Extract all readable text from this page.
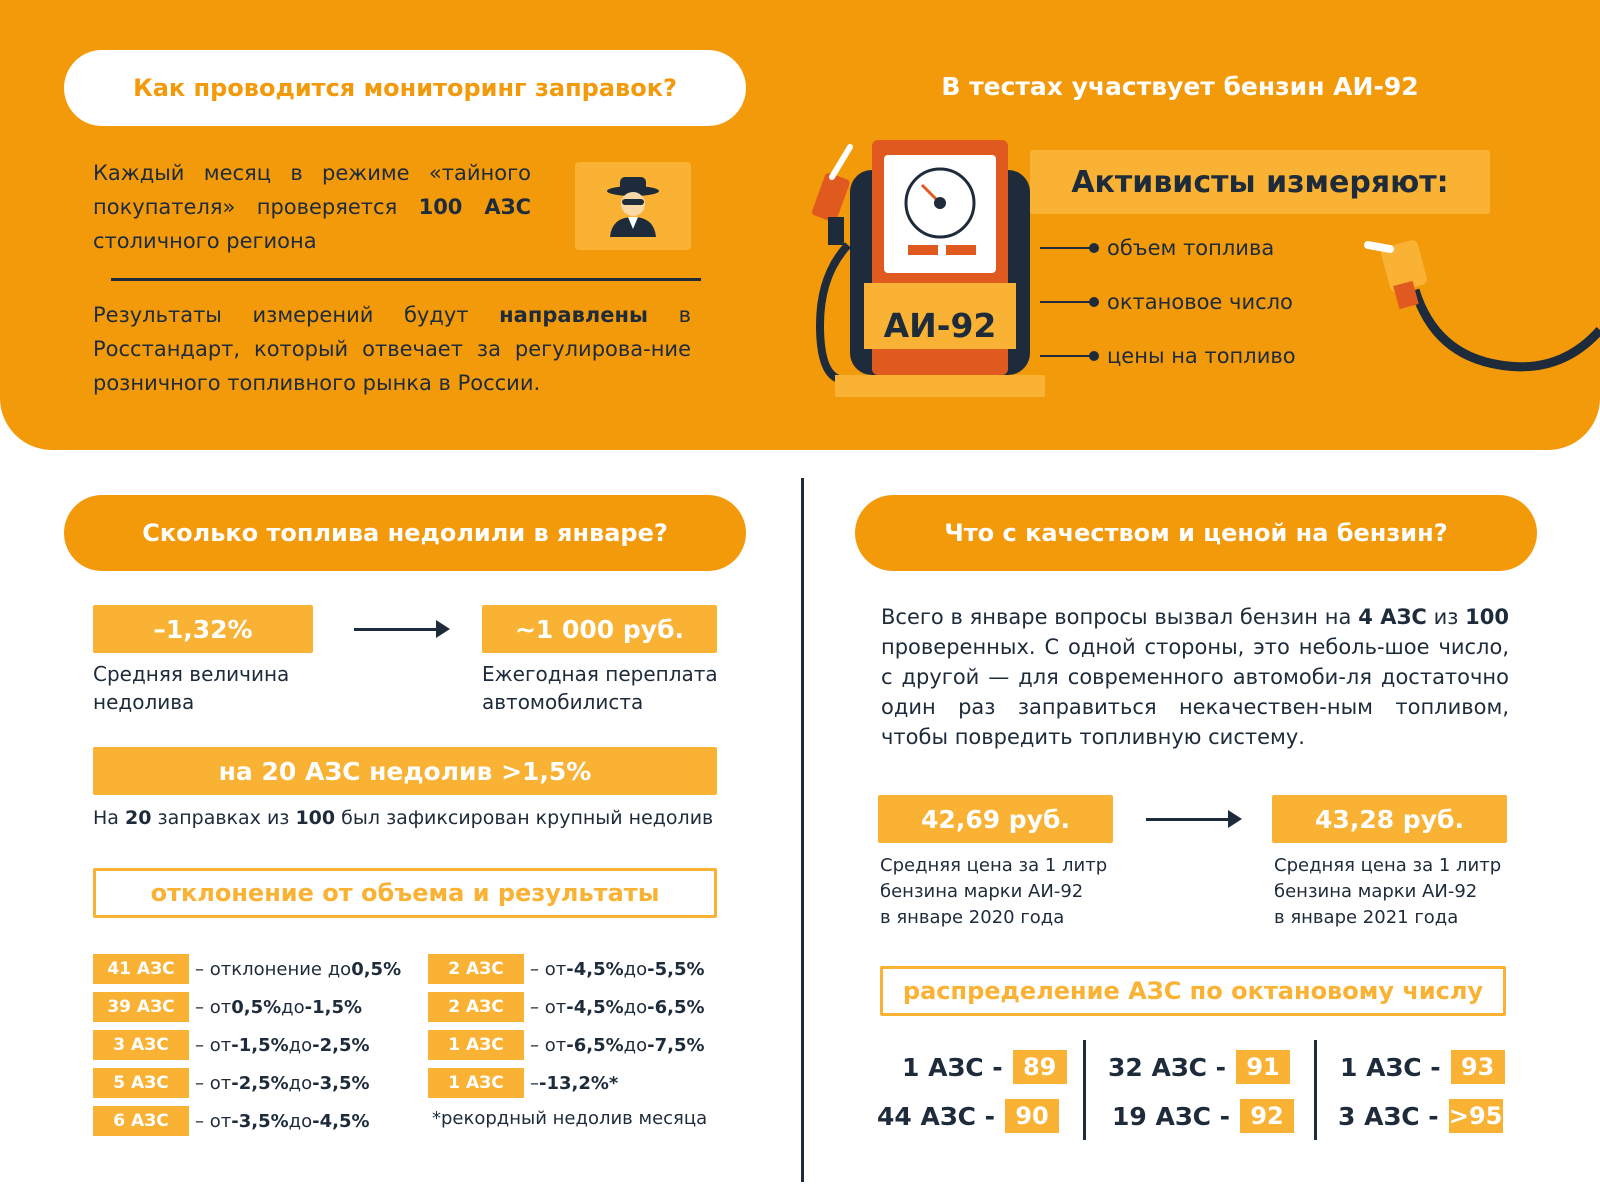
Как проводится мониторинг заправок?
Каждый месяц в режиме «тайного покупателя» проверяется 100 АЗС столичного региона
Результаты измерений будут направлены в Росстандарт, который отвечает за регулирова-ние розничного топливного рынка в России.
В тестах участвует бензин АИ-92
АИ-92
Активисты измеряют:
объем топлива
октановое число
цены на топливо
Сколько топлива недолили в январе?
–1,32%
Средняя величина
недолива
~1 000 руб.
Ежегодная переплата
автомобилиста
на 20 АЗС недолив >1,5%
На 20 заправках из 100 был зафиксирован крупный недолив
отклонение от объема и результаты
41 АЗС	– отклонение до 0,5%
39 АЗС	– от 0,5% до -1,5%
3 АЗС	– от -1,5% до -2,5%
5 АЗС	– от -2,5% до -3,5%
6 АЗС	– от -3,5% до -4,5%
2 АЗС	– от -4,5% до -5,5%
2 АЗС	– от -4,5% до -6,5%
1 АЗС	– от -6,5% до -7,5%
1 АЗС	– -13,2%*
*рекордный недолив месяца
Что с качеством и ценой на бензин?
Всего в январе вопросы вызвал бензин на 4 АЗС из 100 проверенных. С одной стороны, это неболь-шое число, с другой — для современного автомоби-ля достаточно один раз заправиться некачествен-ным топливом, чтобы повредить топливную систему.
42,69 руб.
Средняя цена за 1 литр
бензина марки АИ-92
в январе 2020 года
43,28 руб.
Средняя цена за 1 литр
бензина марки АИ-92
в январе 2021 года
распределение АЗС по октановому числу
1 АЗС - 89
44 АЗС - 90
32 АЗС - 91
19 АЗС - 92
1 АЗС - 93
3 АЗС - >95
